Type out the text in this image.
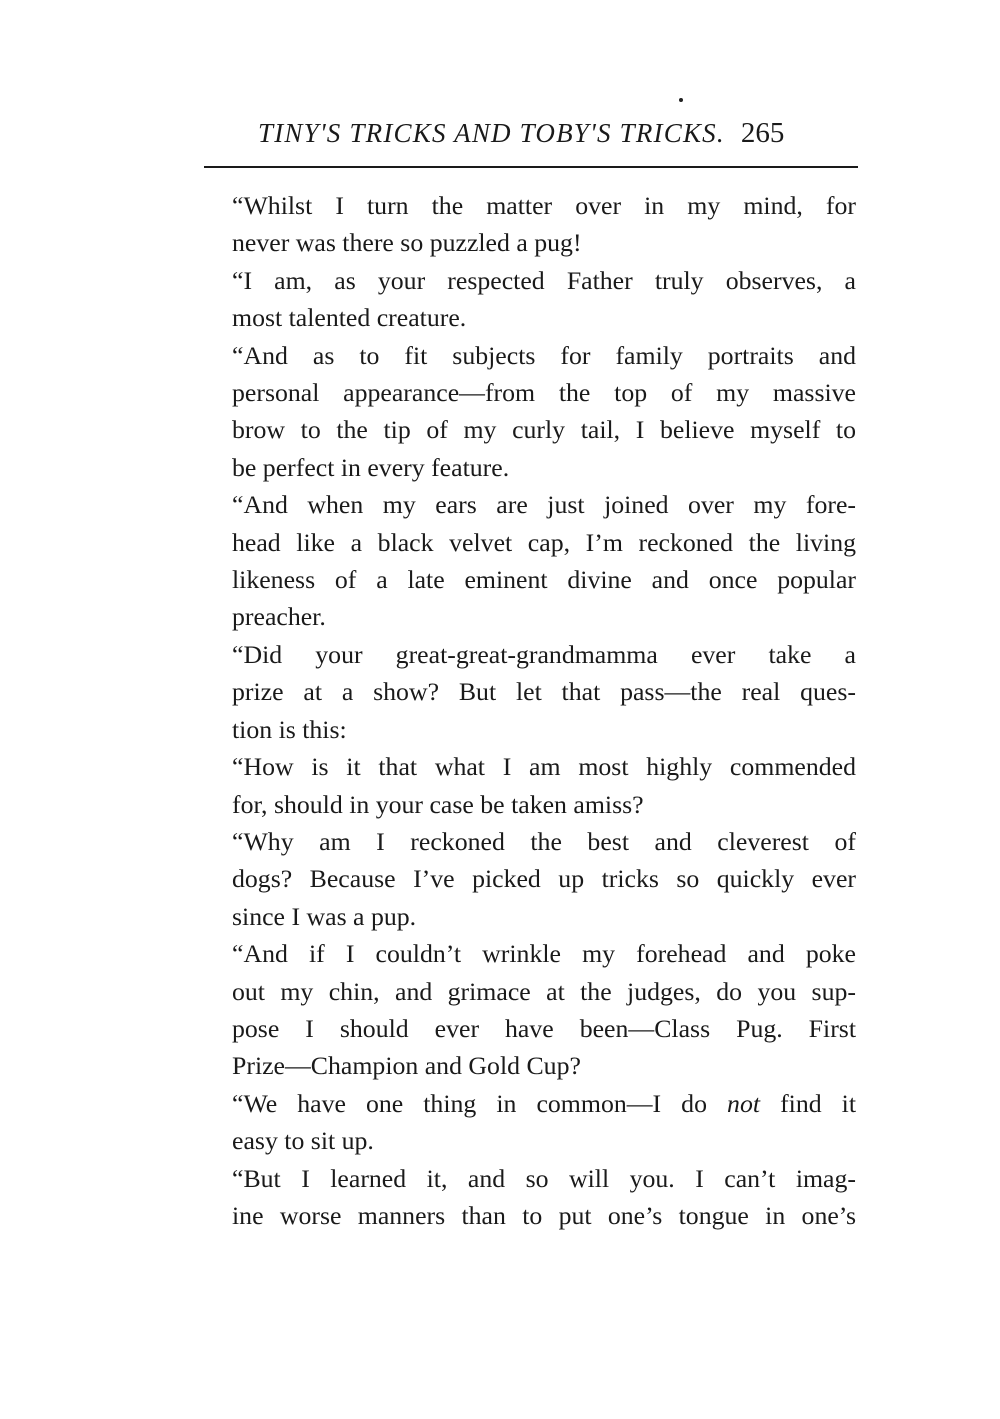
TINY'S TRICKS AND TOBY'S TRICKS. 265

“Whilst I turn the matter over in my mind, for
never was there so puzzled a pug!

“I am, as your respected Father truly observes, a
most talented creature.

“And as to fit subjects for family portraits and
personal appearance—from the top of my massive
brow to the tip of my curly tail, I believe myself to
be perfect in every feature.

“And when my ears are just joined over my fore-
head like a black velvet cap, I’m reckoned the living
likeness of a late eminent divine and once popular
preacher.

“Did your great-great-grandmamma ever take a
prize at a show? But let that pass—the real ques-
tion is this:

“How is it that what I am most highly commended
for, should in your case be taken amiss?

“Why am I reckoned the best and cleverest of
dogs? Because I’ve picked up tricks so quickly ever
since I was a pup.

“And if I couldn’t wrinkle my forehead and poke
out my chin, and grimace at the judges, do you sup-
pose I should ever have been—Class Pug. First
Prize—Champion and Gold Cup?

“We have one thing in common—I do not find it
easy to sit up.

“But I learned it, and so will you. I can’t imag-
ine worse manners than to put one’s tongue in one’s
